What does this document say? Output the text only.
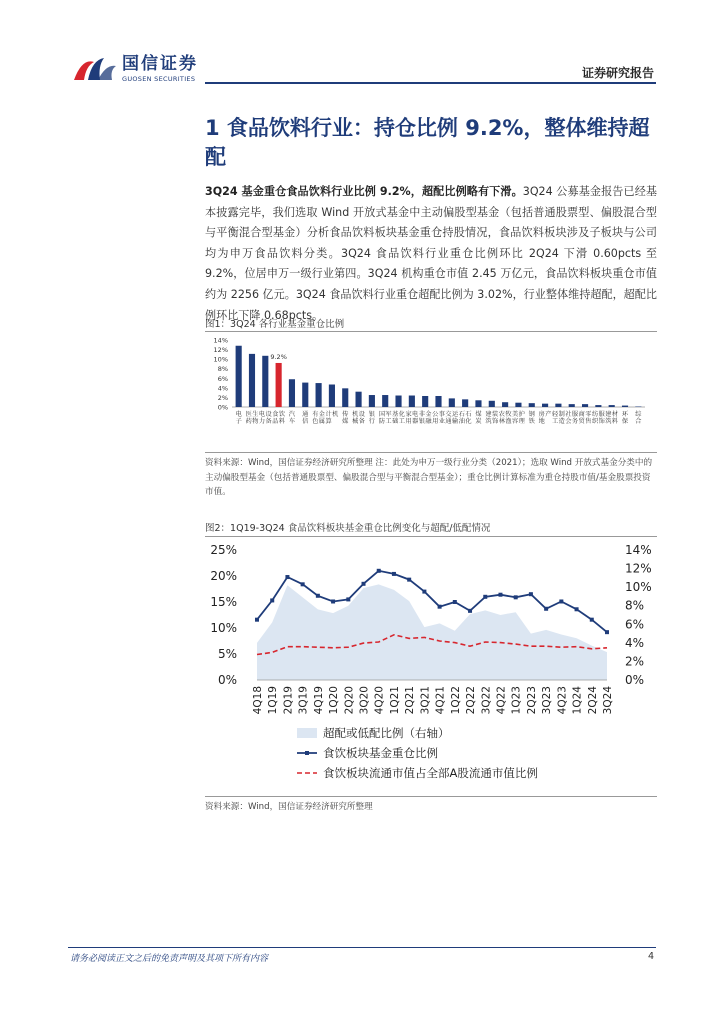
国信证券
GUOSEN SECURITIES	证券研究报告
1 食品饮料行业：持仓比例 9.2%，整体维持超配
3Q24 基金重仓食品饮料行业比例 9.2%，超配比例略有下滑。3Q24 公募基金报告已经基本披露完毕，我们选取 Wind 开放式基金中主动偏股型基金（包括普通股票型、偏股混合型与平衡混合型基金）分析食品饮料板块基金重仓持股情况，食品饮料板块涉及子板块与公司均为申万食品饮料分类。3Q24 食品饮料行业重仓比例环比 2Q24 下滑 0.60pcts 至 9.2%，位居申万一级行业第四。3Q24 机构重仓市值 2.45 万亿元，食品饮料板块重仓市值约为 2256 亿元。3Q24 食品饮料行业重仓超配比例为 3.02%，行业整体维持超配，超配比例环比下降 0.68pcts。
图1：3Q24 各行业基金重仓比例
14%
12%
10%
8%
6%
4%
2%
0%
电子
医药生物
电力设备
9.2%
食品饮料
汽车
通信
有色金属
计算机 传媒
机械设备
银行
国防军工
基础化工
家用电器
非银金融
公用事业
交通运输
石油石化
煤炭
建筑装饰
农林牧渔
美容护理
钢铁
房地产 轻工制造
社会服务
商贸零售
纺织服饰
建筑材料
环保
综合
资料来源：Wind，国信证券经济研究所整理 注：此处为申万一级行业分类（2021）；选取 Wind 开放式基金分类中的主动偏股型基金（包括普通股票型、偏股混合型与平衡混合型基金）；重仓比例计算标准为重仓持股市值/基金股票投资市值。
图2：1Q19-3Q24 食品饮料板块基金重仓比例变化与超配/低配情况
25%
20%
15%
10%
5%
0%
14%
12%
10%
8%
6%
4%
2%
0%
4Q18 1Q19 2Q19 3Q19 4Q19 1Q20 2Q20 3Q20 4Q20 1Q21 2Q21 3Q21 4Q21 1Q22 2Q22 3Q22 4Q22 1Q23 2Q23 3Q23 4Q23 1Q24 2Q24 3Q24
超配或低配比例（右轴）
食饮板块基金重仓比例
食饮板块流通市值占全部A股流通市值比例
资料来源：Wind，国信证券经济研究所整理
请务必阅读正文之后的免责声明及其项下所有内容	4
